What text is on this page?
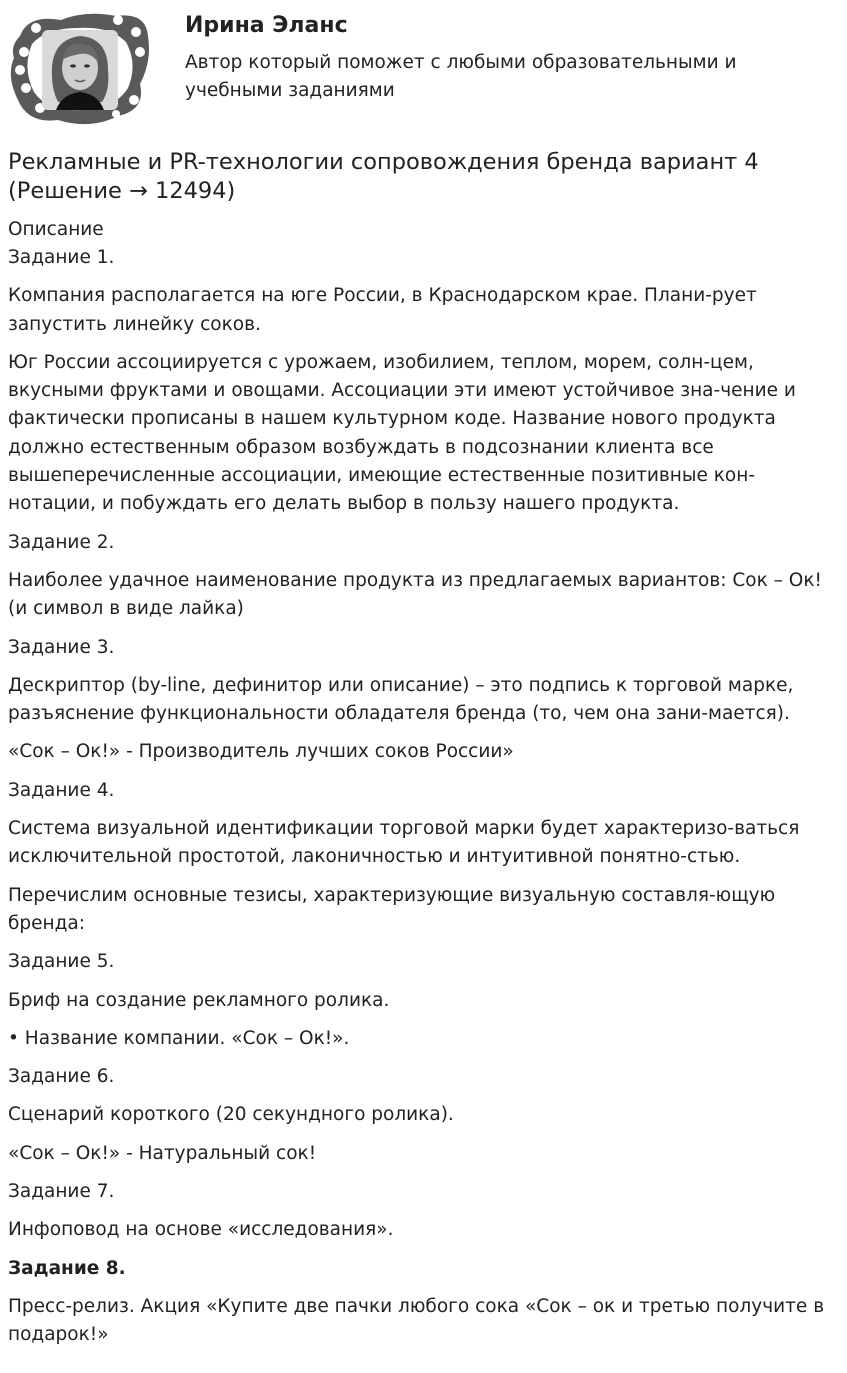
Ирина Эланс
Автор который поможет с любыми образовательными и учебными заданиями
Рекламные и PR-технологии сопровождения бренда вариант 4 (Решение → 12494)
Описание

Задание 1.

Компания располагается на юге России, в Краснодарском крае. Плани-рует запустить линейку соков.

Юг России ассоциируется с урожаем, изобилием, теплом, морем, солн-цем, вкусными фруктами и овощами. Ассоциации эти имеют устойчивое зна-чение и фактически прописаны в нашем культурном коде. Название нового продукта должно естественным образом возбуждать в подсознании клиента все вышеперечисленные ассоциации, имеющие естественные позитивные кон-нотации, и побуждать его делать выбор в пользу нашего продукта.

Задание 2.

Наиболее удачное наименование продукта из предлагаемых вариантов: Сок – Ок! (и символ в виде лайка)

Задание 3.

Дескриптор (by-line, дефинитор или описание) – это подпись к торговой марке, разъяснение функциональности обладателя бренда (то, чем она зани-мается).

«Сок – Ок!» - Производитель лучших соков России»

Задание 4.

Система визуальной идентификации торговой марки будет характеризо-ваться исключительной простотой, лаконичностью и интуитивной понятно-стью.

Перечислим основные тезисы, характеризующие визуальную составля-ющую бренда:

Задание 5.

Бриф на создание рекламного ролика.

• Название компании. «Сок – Ок!».

Задание 6.

Сценарий короткого (20 секундного ролика).

«Сок – Ок!» - Натуральный сок!

Задание 7.

Инфоповод на основе «исследования».

Задание 8.

Пресс-релиз. Акция «Купите две пачки любого сока «Сок – ок и третью получите в подарок!»
